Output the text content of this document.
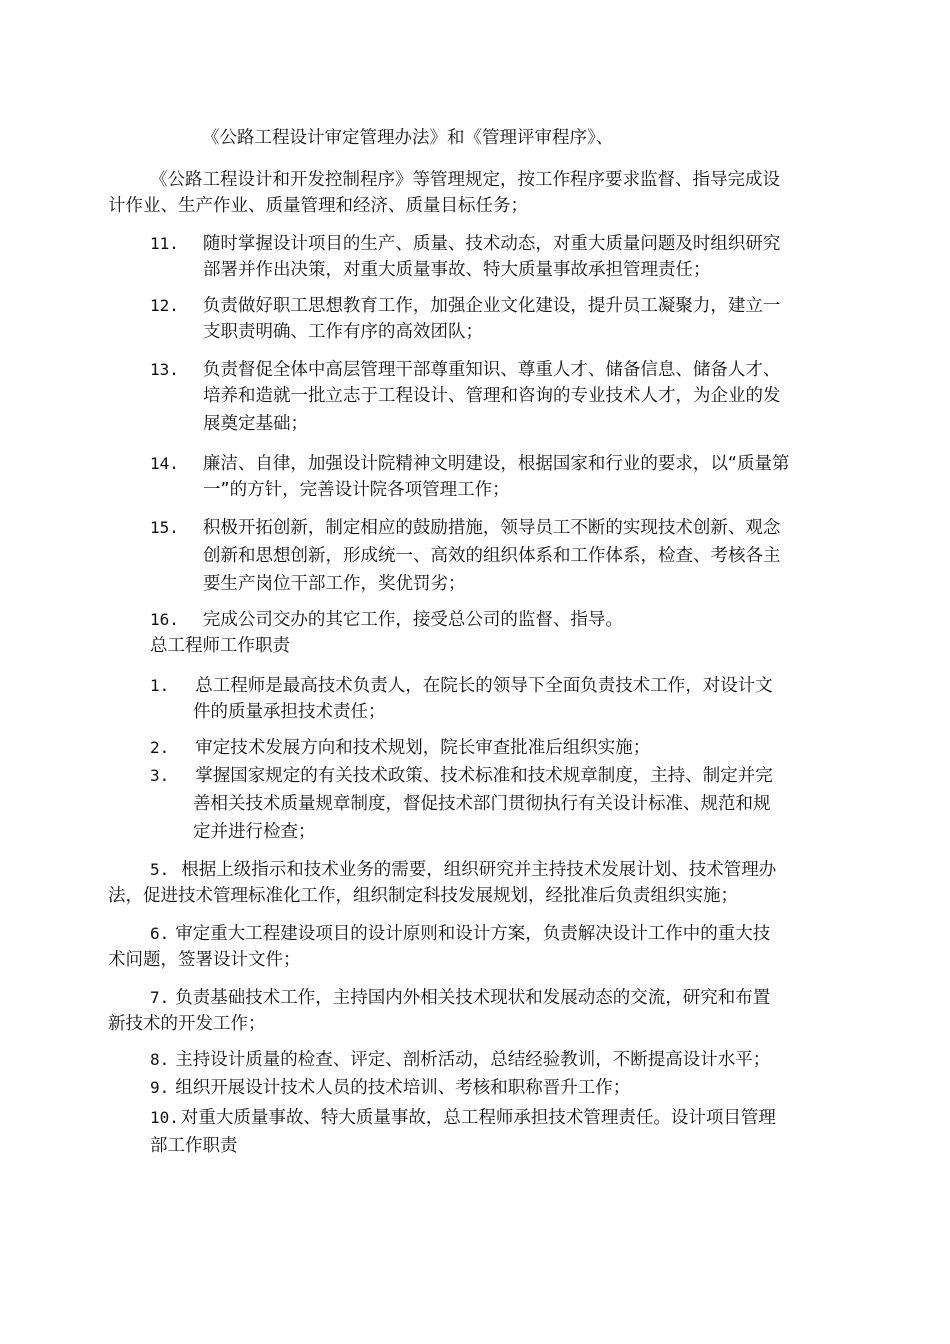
《公路工程设计审定管理办法》和《管理评审程序》、
《公路工程设计和开发控制程序》等管理规定，按工作程序要求监督、指导完成设
计作业、生产作业、质量管理和经济、质量目标任务；
11. 随时掌握设计项目的生产、质量、技术动态，对重大质量问题及时组织研究
部署并作出决策，对重大质量事故、特大质量事故承担管理责任；
12. 负责做好职工思想教育工作，加强企业文化建设，提升员工凝聚力，建立一
支职责明确、工作有序的高效团队；
13. 负责督促全体中高层管理干部尊重知识、尊重人才、储备信息、储备人才、
培养和造就一批立志于工程设计、管理和咨询的专业技术人才，为企业的发
展奠定基础；
14. 廉洁、自律，加强设计院精神文明建设，根据国家和行业的要求，以“质量第
一”的方针，完善设计院各项管理工作；
15. 积极开拓创新，制定相应的鼓励措施，领导员工不断的实现技术创新、观念
创新和思想创新，形成统一、高效的组织体系和工作体系，检查、考核各主
要生产岗位干部工作，奖优罚劣；
16. 完成公司交办的其它工作，接受总公司的监督、指导。
总工程师工作职责
1. 总工程师是最高技术负责人，在院长的领导下全面负责技术工作，对设计文
件的质量承担技术责任；
2. 审定技术发展方向和技术规划，院长审查批准后组织实施；
3. 掌握国家规定的有关技术政策、技术标准和技术规章制度，主持、制定并完
善相关技术质量规章制度，督促技术部门贯彻执行有关设计标准、规范和规
定并进行检查；
5. 根据上级指示和技术业务的需要，组织研究并主持技术发展计划、技术管理办
法，促进技术管理标准化工作，组织制定科技发展规划，经批准后负责组织实施；
6. 审定重大工程建设项目的设计原则和设计方案，负责解决设计工作中的重大技
术问题，签署设计文件；
7. 负责基础技术工作，主持国内外相关技术现状和发展动态的交流，研究和布置
新技术的开发工作；
8. 主持设计质量的检查、评定、剖析活动，总结经验教训，不断提高设计水平；
9. 组织开展设计技术人员的技术培训、考核和职称晋升工作；
10. 对重大质量事故、特大质量事故，总工程师承担技术管理责任。设计项目管理
部工作职责
